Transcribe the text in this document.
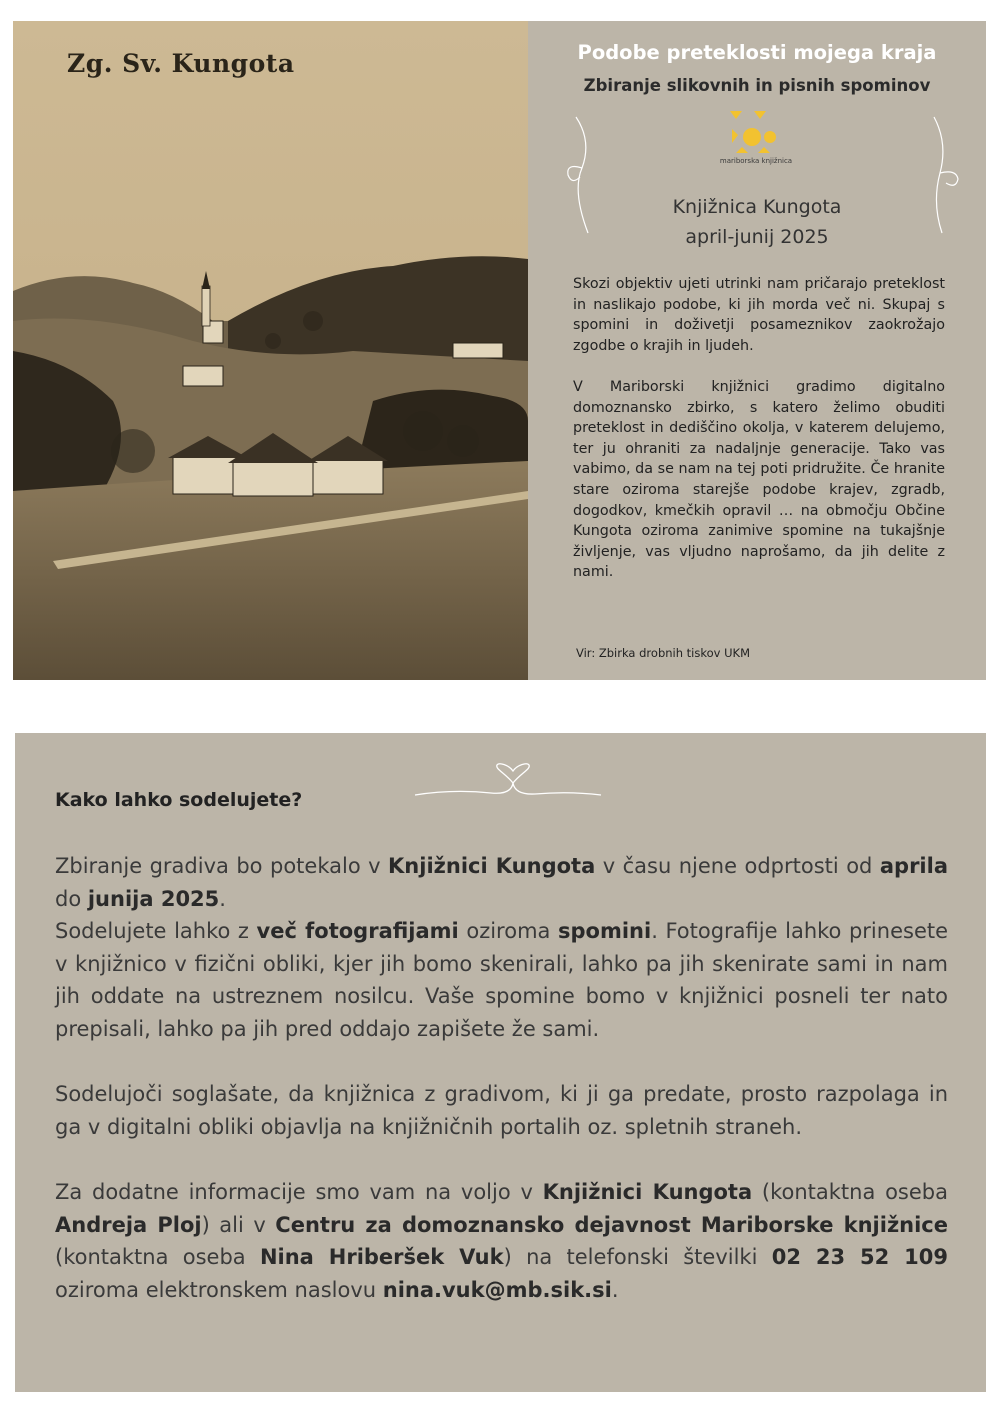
Zg. Sv. Kungota	Podobe preteklosti mojega kraja
Zbiranje slikovnih in pisnih spominov
mariborska knjižnica
Knjižnica Kungota
april-junij 2025

Skozi objektiv ujeti utrinki nam pričarajo preteklost in naslikajo podobe, ki jih morda več ni. Skupaj s spomini in doživetji posameznikov zaokrožajo zgodbe o krajih in ljudeh.

V Mariborski knjižnici gradimo digitalno domoznansko zbirko, s katero želimo obuditi preteklost in dediščino okolja, v katerem delujemo, ter ju ohraniti za nadaljnje generacije. Tako vas vabimo, da se nam na tej poti pridružite. Če hranite stare oziroma starejše podobe krajev, zgradb, dogodkov, kmečkih opravil … na območju Občine Kungota oziroma zanimive spomine na tukajšnje življenje, vas vljudno naprošamo, da jih delite z nami.

Vir: Zbirka drobnih tiskov UKM
Kako lahko sodelujete?
Zbiranje gradiva bo potekalo v Knjižnici Kungota v času njene odprtosti od aprila do junija 2025.

Sodelujete lahko z več fotografijami oziroma spomini. Fotografije lahko prinesete v knjižnico v fizični obliki, kjer jih bomo skenirali, lahko pa jih skenirate sami in nam jih oddate na ustreznem nosilcu. Vaše spomine bomo v knjižnici posneli ter nato prepisali, lahko pa jih pred oddajo zapišete že sami.

Sodelujoči soglašate, da knjižnica z gradivom, ki ji ga predate, prosto razpolaga in ga v digitalni obliki objavlja na knjižničnih portalih oz. spletnih straneh.

Za dodatne informacije smo vam na voljo v Knjižnici Kungota (kontaktna oseba Andreja Ploj) ali v Centru za domoznansko dejavnost Mariborske knjižnice (kontaktna oseba Nina Hriberšek Vuk) na telefonski številki 02 23 52 109 oziroma elektronskem naslovu nina.vuk@mb.sik.si.
